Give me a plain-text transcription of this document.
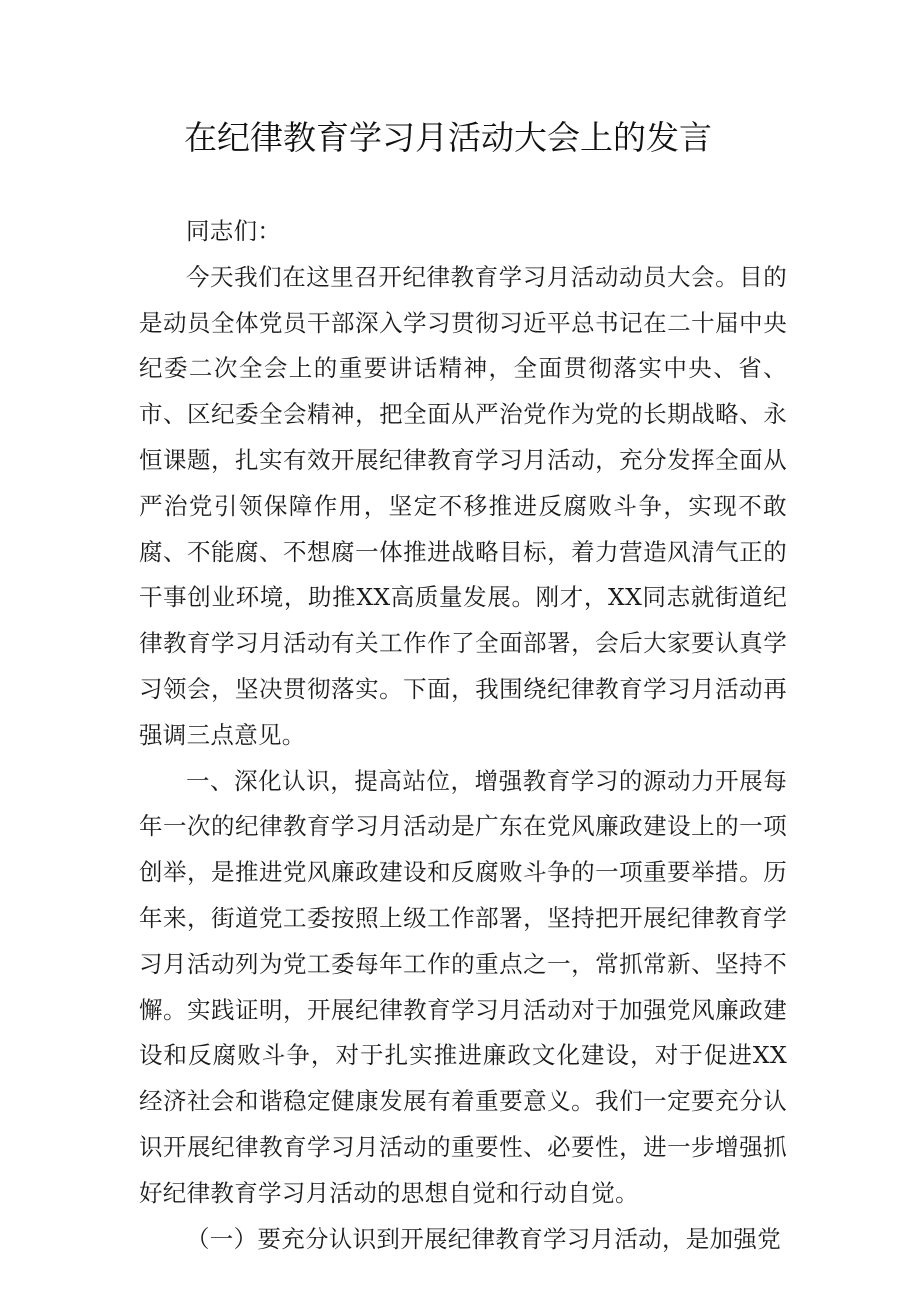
在纪律教育学习月活动大会上的发言

同志们：

今天我们在这里召开纪律教育学习月活动动员大会。目的是动员全体党员干部深入学习贯彻习近平总书记在二十届中央纪委二次全会上的重要讲话精神，全面贯彻落实中央、省、市、区纪委全会精神，把全面从严治党作为党的长期战略、永恒课题，扎实有效开展纪律教育学习月活动，充分发挥全面从严治党引领保障作用，坚定不移推进反腐败斗争，实现不敢腐、不能腐、不想腐一体推进战略目标，着力营造风清气正的干事创业环境，助推XX高质量发展。刚才，XX同志就街道纪律教育学习月活动有关工作作了全面部署，会后大家要认真学习领会，坚决贯彻落实。下面，我围绕纪律教育学习月活动再强调三点意见。

一、深化认识，提高站位，增强教育学习的源动力开展每年一次的纪律教育学习月活动是广东在党风廉政建设上的一项创举，是推进党风廉政建设和反腐败斗争的一项重要举措。历年来，街道党工委按照上级工作部署，坚持把开展纪律教育学习月活动列为党工委每年工作的重点之一，常抓常新、坚持不懈。实践证明，开展纪律教育学习月活动对于加强党风廉政建设和反腐败斗争，对于扎实推进廉政文化建设，对于促进XX经济社会和谐稳定健康发展有着重要意义。我们一定要充分认识开展纪律教育学习月活动的重要性、必要性，进一步增强抓好纪律教育学习月活动的思想自觉和行动自觉。

（一）要充分认识到开展纪律教育学习月活动，是加强党
